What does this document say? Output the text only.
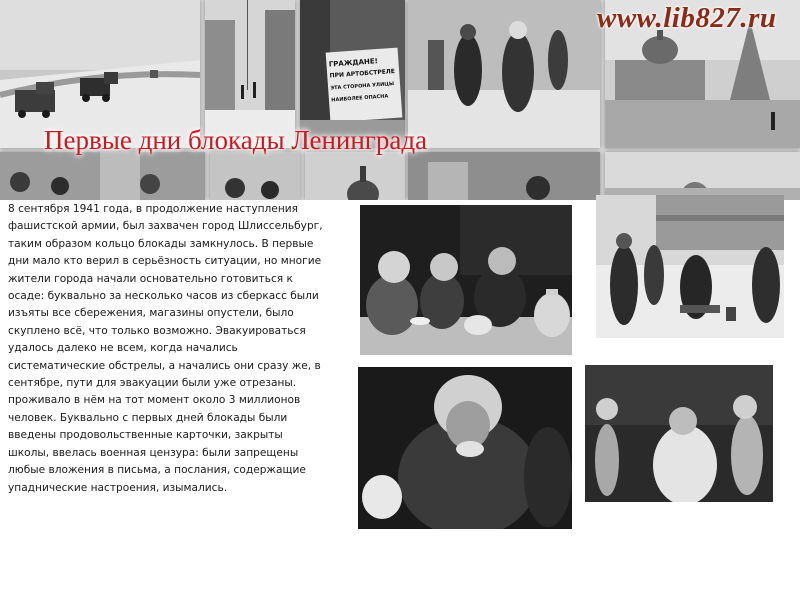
ГРАЖДАНЕ!
ПРИ АРТОБСТРЕЛЕ
ЭТА СТОРОНА УЛИЦЫ
НАИБОЛЕЕ ОПАСНА
www.lib827.ru
Первые дни блокады Ленинграда

8 сентября 1941 года, в продолжение наступления
фашистской армии, был захвачен город Шлиссельбург,
таким образом кольцо блокады замкнулось. В первые
дни мало кто верил в серьёзность ситуации, но многие
жители города начали основательно готовиться к
осаде: буквально за несколько часов из сберкасс были
изъяты все сбережения, магазины опустели, было
скуплено всё, что только возможно. Эвакуироваться
удалось далеко не всем, когда начались
систематические обстрелы, а начались они сразу же, в
сентябре, пути для эвакуации были уже отрезаны.
проживало в нём на тот момент около 3 миллионов
человек. Буквально с первых дней блокады были
введены продовольственные карточки, закрыты
школы, ввелась военная цензура: были запрещены
любые вложения в письма, а послания, содержащие
упаднические настроения, изымались.
